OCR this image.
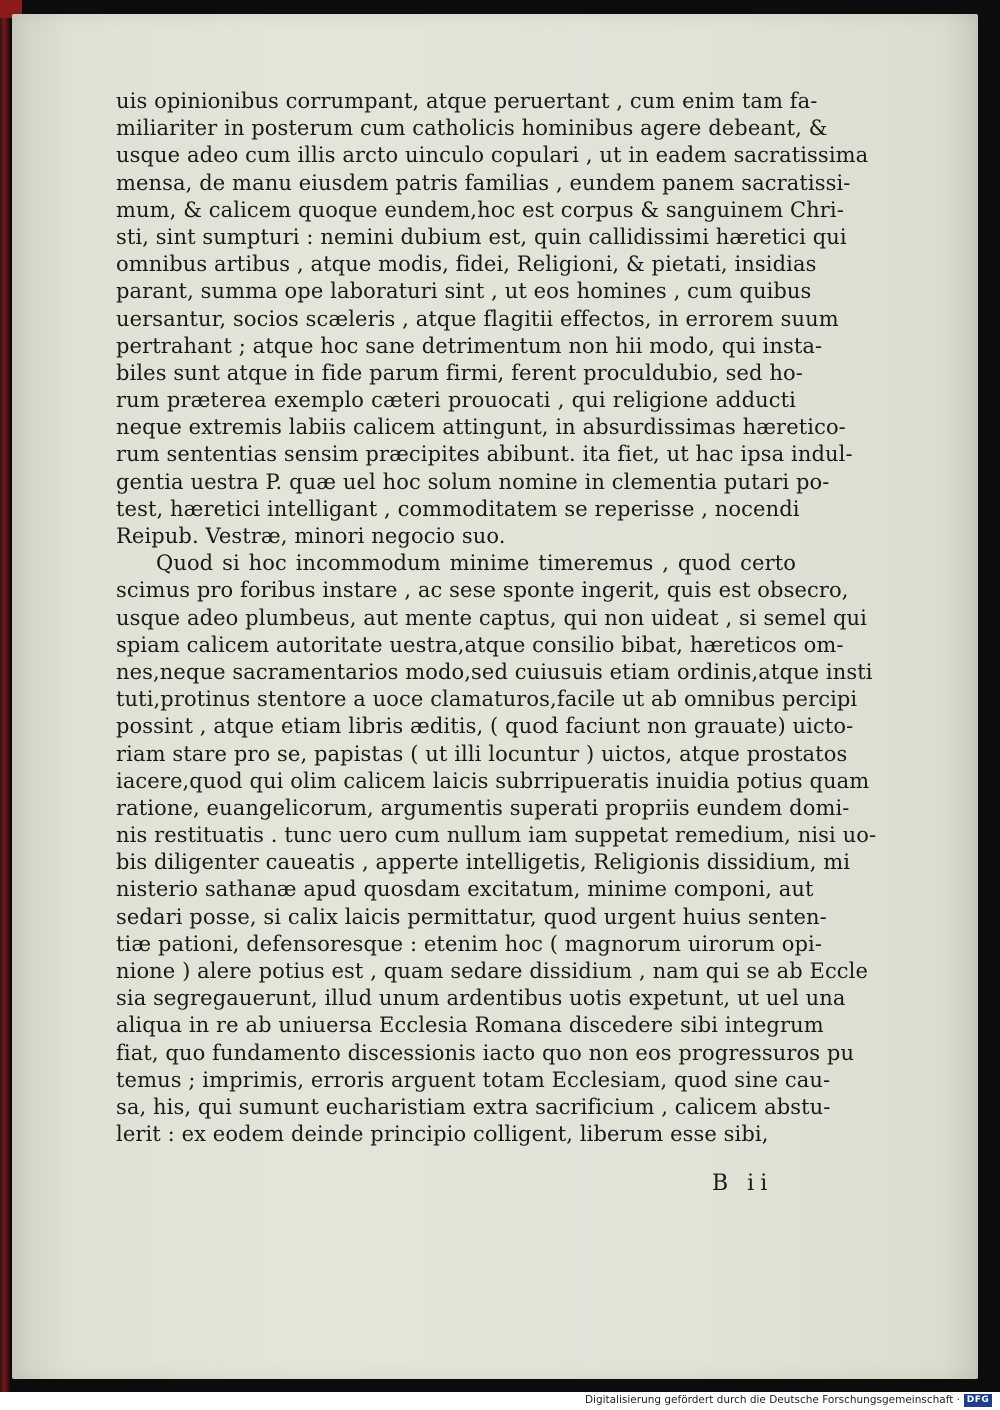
uis opinionibus corrumpant, atque peruertant , cum enim tam fa-
miliariter in posterum cum catholicis hominibus agere debeant, &
usque adeo cum illis arcto uinculo copulari , ut in eadem sacratissima
mensa, de manu eiusdem patris familias , eundem panem sacratissi-
mum, & calicem quoque eundem,hoc est corpus & sanguinem Chri-
sti, sint sumpturi : nemini dubium est, quin callidissimi hæretici qui
omnibus artibus , atque modis, fidei, Religioni, & pietati, insidias
parant, summa ope laboraturi sint , ut eos homines , cum quibus
uersantur, socios scæleris , atque flagitii effectos, in errorem suum
pertrahant ; atque hoc sane detrimentum non hii modo, qui insta-
biles sunt atque in fide parum firmi, ferent proculdubio, sed ho-
rum præterea exemplo cæteri prouocati , qui religione adducti
neque extremis labiis calicem attingunt, in absurdissimas hæretico-
rum sententias sensim præcipites abibunt. ita fiet, ut hac ipsa indul-
gentia uestra P. quæ uel hoc solum nomine in clementia putari po-
test, hæretici intelligant , commoditatem se reperisse , nocendi
Reipub. Vestræ, minori negocio suo.
Quod si hoc incommodum minime timeremus , quod certo
scimus pro foribus instare , ac sese sponte ingerit, quis est obsecro,
usque adeo plumbeus, aut mente captus, qui non uideat , si semel qui
spiam calicem autoritate uestra,atque consilio bibat, hæreticos om-
nes,neque sacramentarios modo,sed cuiusuis etiam ordinis,atque insti
tuti,protinus stentore a uoce clamaturos,facile ut ab omnibus percipi
possint , atque etiam libris æditis, ( quod faciunt non grauate) uicto-
riam stare pro se, papistas ( ut illi locuntur ) uictos, atque prostatos
iacere,quod qui olim calicem laicis subrripueratis inuidia potius quam
ratione, euangelicorum, argumentis superati propriis eundem domi-
nis restituatis . tunc uero cum nullum iam suppetat remedium, nisi uo-
bis diligenter caueatis , apperte intelligetis, Religionis dissidium, mi
nisterio sathanæ apud quosdam excitatum, minime componi, aut
sedari posse, si calix laicis permittatur, quod urgent huius senten-
tiæ pationi, defensoresque : etenim hoc ( magnorum uirorum opi-
nione ) alere potius est , quam sedare dissidium , nam qui se ab Eccle
sia segregauerunt, illud unum ardentibus uotis expetunt, ut uel una
aliqua in re ab uniuersa Ecclesia Romana discedere sibi integrum
fiat, quo fundamento discessionis iacto quo non eos progressuros pu
temus ; imprimis, erroris arguent totam Ecclesiam, quod sine cau-
sa, his, qui sumunt eucharistiam extra sacrificium , calicem abstu-
lerit : ex eodem deinde principio colligent, liberum esse sibi,
B ii
Digitalisierung gefördert durch die Deutsche Forschungsgemeinschaft · DFG
